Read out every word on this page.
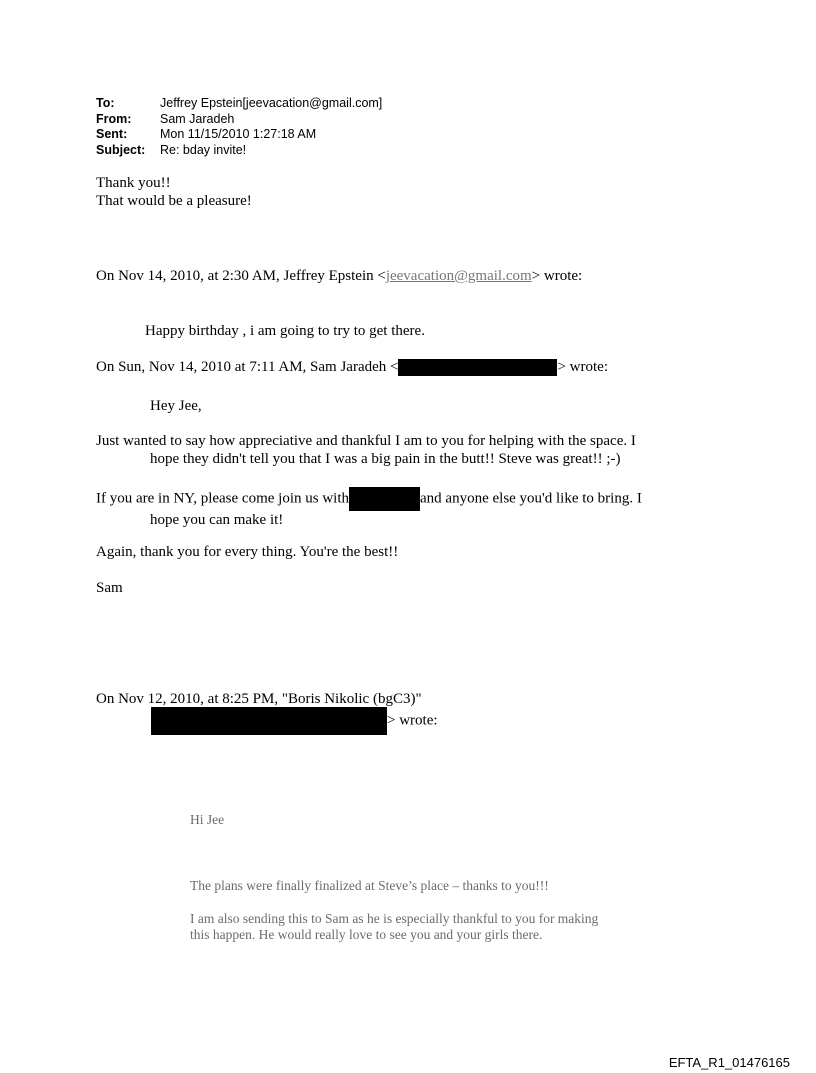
To:	Jeffrey Epstein[jeevacation@gmail.com]
From:	Sam Jaradeh
Sent:	Mon 11/15/2010 1:27:18 AM
Subject:	Re: bday invite!
Thank you!!
That would be a pleasure!
On Nov 14, 2010, at 2:30 AM, Jeffrey Epstein <jeevacation@gmail.com> wrote:
Happy birthday , i am going to try to get there.
On Sun, Nov 14, 2010 at 7:11 AM, Sam Jaradeh <	> wrote:
Hey Jee,
Just wanted to say how appreciative and thankful I am to you for helping with the space. I
hope they didn't tell you that I was a big pain in the butt!! Steve was great!! ;-)
If you are in NY, please come join us with	and anyone else you'd like to bring. I
hope you can make it!
Again, thank you for every thing. You're the best!!
Sam
On Nov 12, 2010, at 8:25 PM, "Boris Nikolic (bgC3)"
> wrote:
Hi Jee
The plans were finally finalized at Steve’s place – thanks to you!!!
I am also sending this to Sam as he is especially thankful to you for making
this happen. He would really love to see you and your girls there.
EFTA_R1_01476165
